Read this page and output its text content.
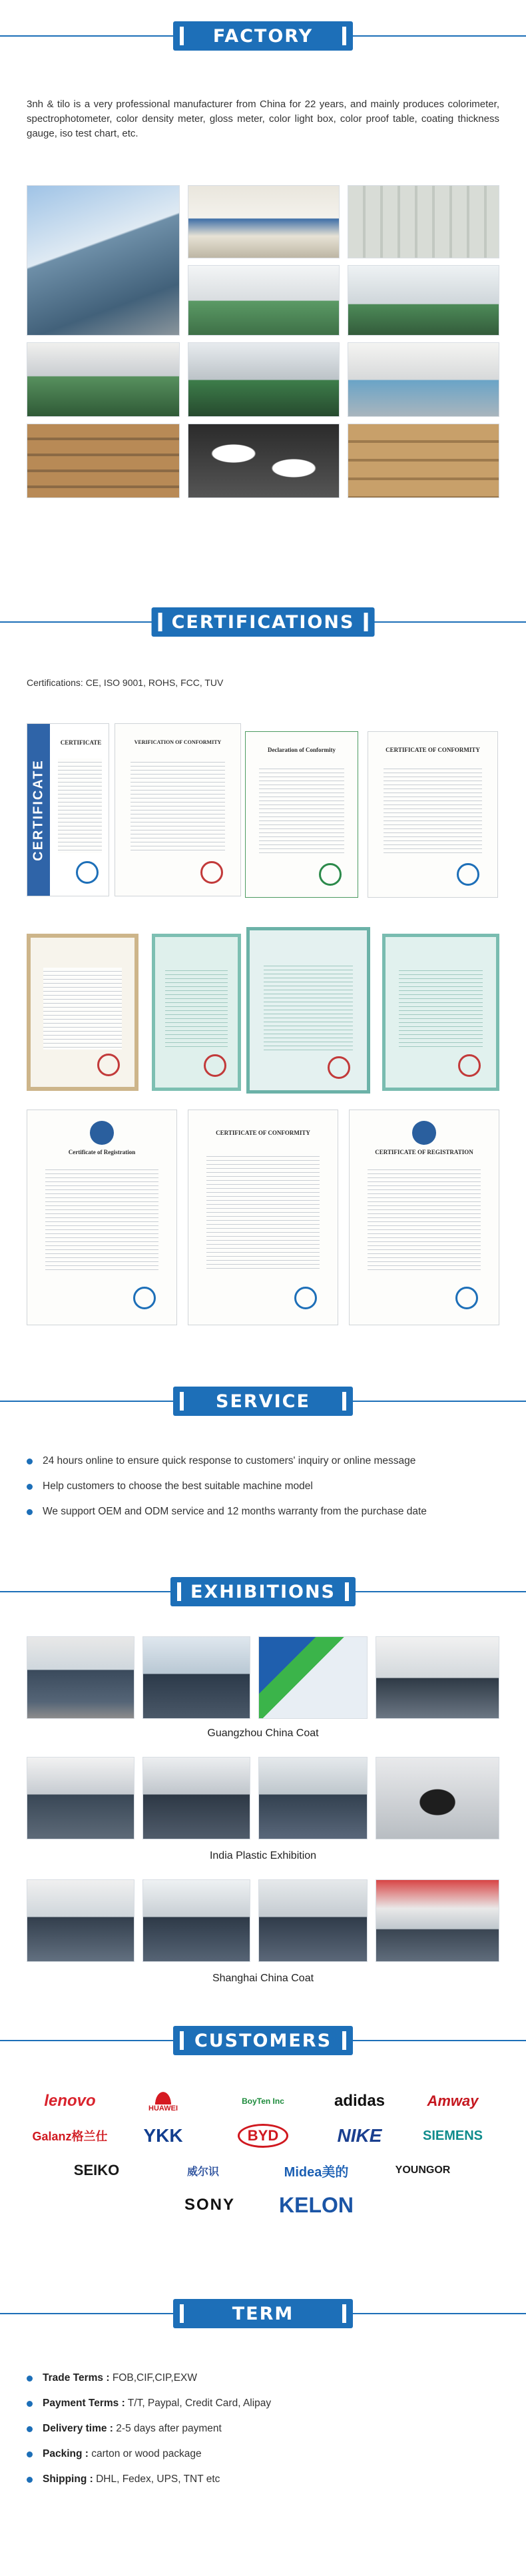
FACTORY

3nh & tilo is a very professional manufacturer from China for 22 years, and mainly produces colorimeter, spectrophotometer, color density meter, gloss meter, color light box, color proof table, coating thickness gauge, iso test chart, etc.

CERTIFICATIONS

Certifications: CE, ISO 9001, ROHS, FCC, TUV

CERTIFICATE
CERTIFICATE	VERIFICATION OF CONFORMITY
Declaration of Conformity	CERTIFICATE OF CONFORMITY
Certificate of Registration
CERTIFICATE OF CONFORMITY
CERTIFICATE OF REGISTRATION
SERVICE
24 hours online to ensure quick response to customers' inquiry or online message
Help customers to choose the best suitable machine model
We support OEM and ODM service and 12 months warranty from the purchase date
EXHIBITIONS
Guangzhou China Coat
India Plastic Exhibition
Shanghai China Coat
CUSTOMERS
lenovo	HUAWEI
BoyTen Inc	adidas	Amway
Galanz格兰仕	YKK	BYD	NIKE	SIEMENS
SEIKO	威尔识	Midea美的	YOUNGOR
SONY	KELON
TERM
Trade Terms : FOB,CIF,CIP,EXW
Payment Terms : T/T, Paypal, Credit Card, Alipay
Delivery time : 2-5 days after payment
Packing : carton or wood package
Shipping : DHL, Fedex, UPS, TNT etc
